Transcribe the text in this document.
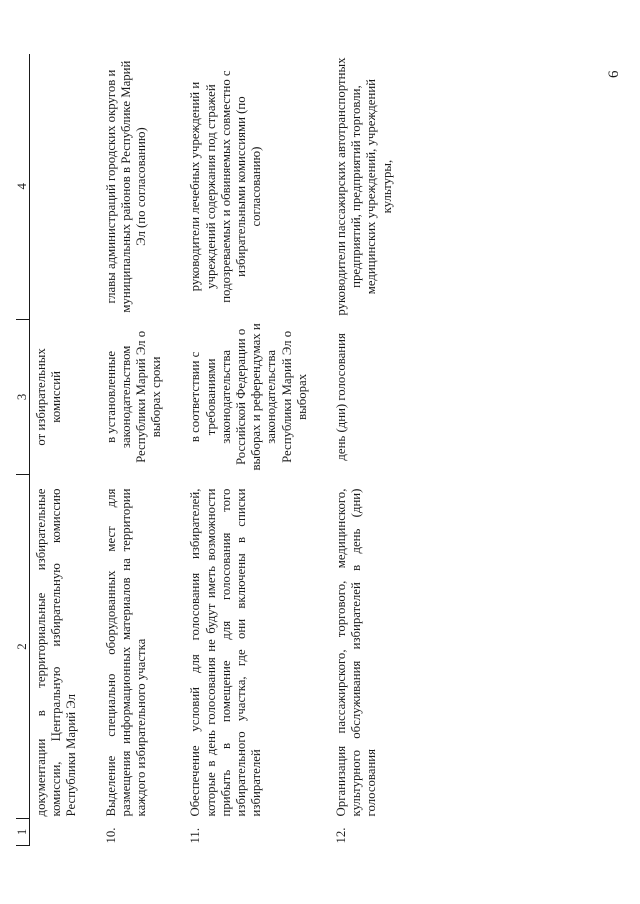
6
1	2	3	4

	документации в территориальные избирательные комиссии, Центральную избирательную комиссию Республики Марий Эл	от избирательных комиссий	
10.	Выделение специально оборудованных мест для размещения информационных материалов на территории каждого избирательного участка	в установленные законодательством Республики Марий Эл о выборах сроки	главы администраций городских округов и муниципальных районов в Республике Марий Эл (по согласованию)
11.	Обеспечение условий для голосования избирателей, которые в день голосования не будут иметь возможности прибыть в помещение для голосования того избирательного участка, где они включены в списки избирателей	в соответствии с требованиями законодательства Российской Федерации о выборах и референдумах и законодательства Республики Марий Эл о выборах	руководители лечебных учреждений и учреждений содержания под стражей подозреваемых и обвиняемых совместно с избирательными комиссиями (по согласованию)
12.	Организация пассажирского, торгового, медицинского, культурного обслуживания избирателей в день (дни) голосования	день (дни) голосования	руководители пассажирских автотранспортных предприятий, предприятий торговли, медицинских учреждений, учреждений культуры,
